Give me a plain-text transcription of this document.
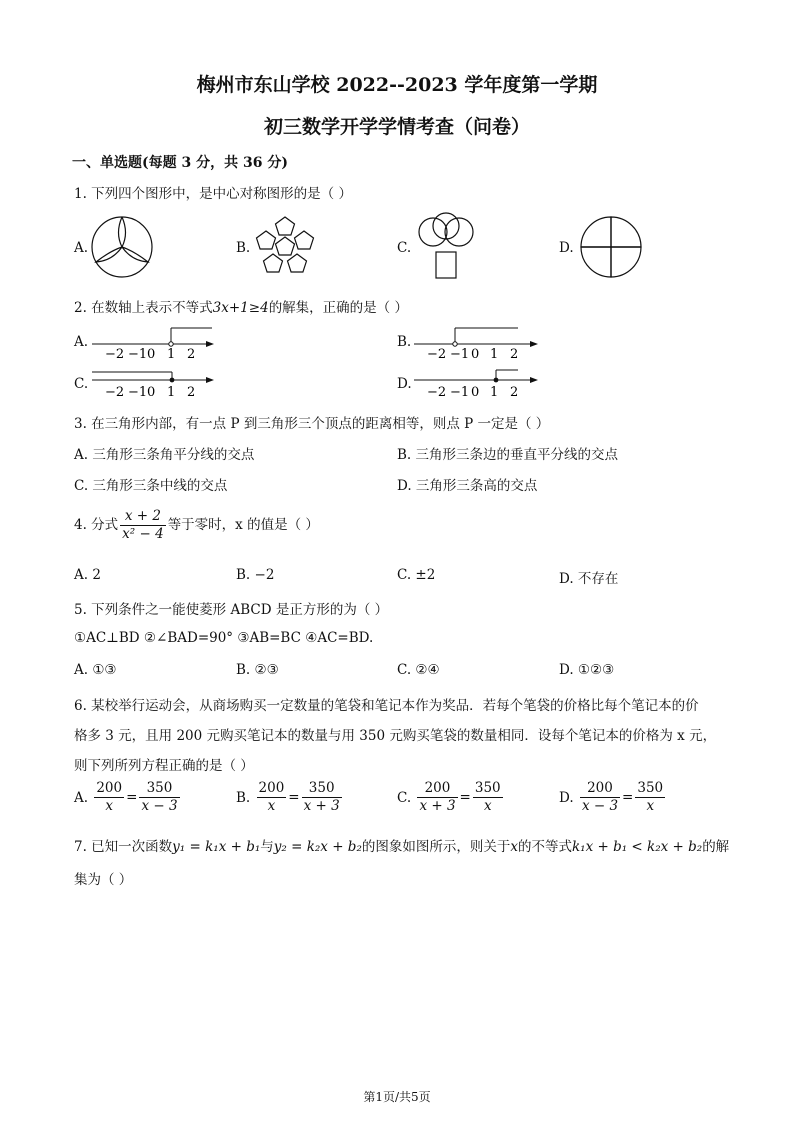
梅州市东山学校 2022--2023 学年度第一学期
初三数学开学学情考查（问卷）
一、单选题(每题 3 分，共 36 分)
1. 下列四个图形中，是中心对称图形的是（ ）
A.	B.	C.	D.
2. 在数轴上表示不等式3x+1≥4的解集，正确的是（ ）
A.	B.
C.	D.
−2 −1 0 1 2	−2 −1 0 1 2
−2 −1 0 1 2	−2 −1 0 1 2
3. 在三角形内部，有一点 P 到三角形三个顶点的距离相等，则点 P 一定是（ ）
A. 三角形三条角平分线的交点	B. 三角形三条边的垂直平分线的交点
C. 三角形三条中线的交点	D. 三角形三条高的交点
4. 分式 $\frac{x + 2}{\text{x² − 4}}$ 等于零时，x 的值是（ ）
A. 2	B. −2	C. ±2	D. 不存在
5. 下列条件之一能使菱形 ABCD 是正方形的为（ ）
①AC⊥BD ②∠BAD=90° ③AB=BC ④AC=BD.
A. ①③	B. ②③	C. ②④	D. ①②③
6. 某校举行运动会，从商场购买一定数量的笔袋和笔记本作为奖品．若每个笔袋的价格比每个笔记本的价
格多 3 元，且用 200 元购买笔记本的数量与用 350 元购买笔袋的数量相同．设每个笔记本的价格为 x 元，
则下列所列方程正确的是（ ）
A. $\frac{200}{x} = \frac{350}{x - 3}$	B. $\frac{200}{x} = \frac{350}{x + 3}$	C. $\frac{200}{x + 3} = \frac{350}{x}$	D. $\frac{200}{x - 3} = \frac{350}{x}$
7. 已知一次函数y₁ = k₁x + b₁与y₂ = k₂x + b₂的图象如图所示，则关于x的不等式k₁x + b₁ < k₂x + b₂的解
集为（ ）
第1页/共5页
